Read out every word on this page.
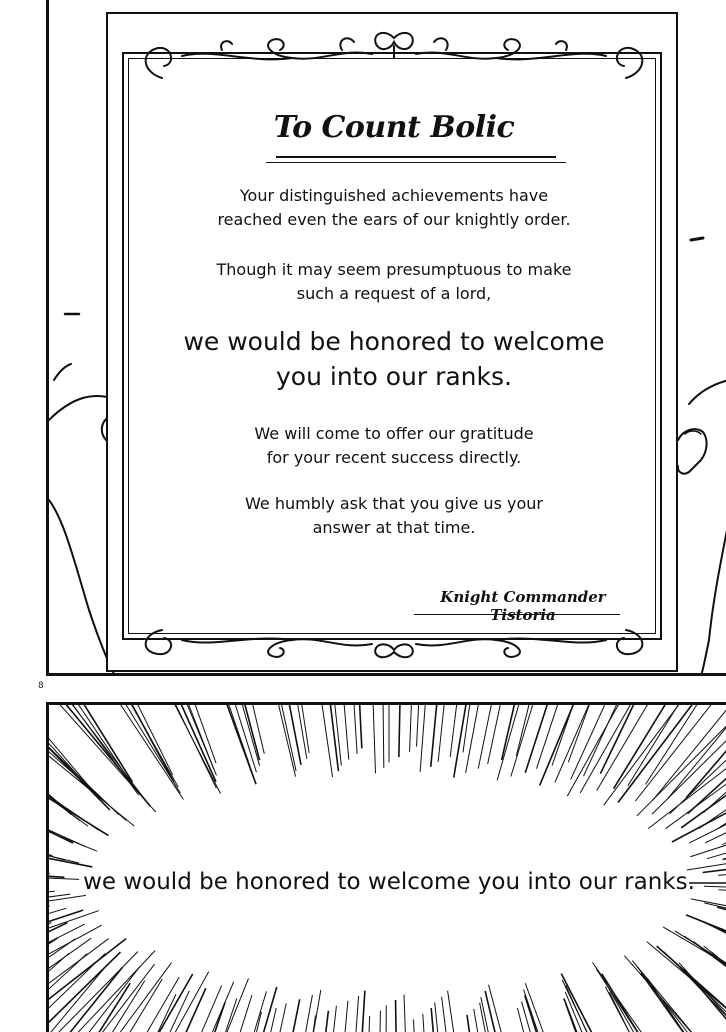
To Count Bolic
Your distinguished achievements have
reached even the ears of our knightly order.
Though it may seem presumptuous to make
such a request of a lord,
we would be honored to welcome
you into our ranks.
We will come to offer our gratitude
for your recent success directly.
We humbly ask that you give us your
answer at that time.
Knight Commander Tistoria
8
we would be honored to welcome you into our ranks.
